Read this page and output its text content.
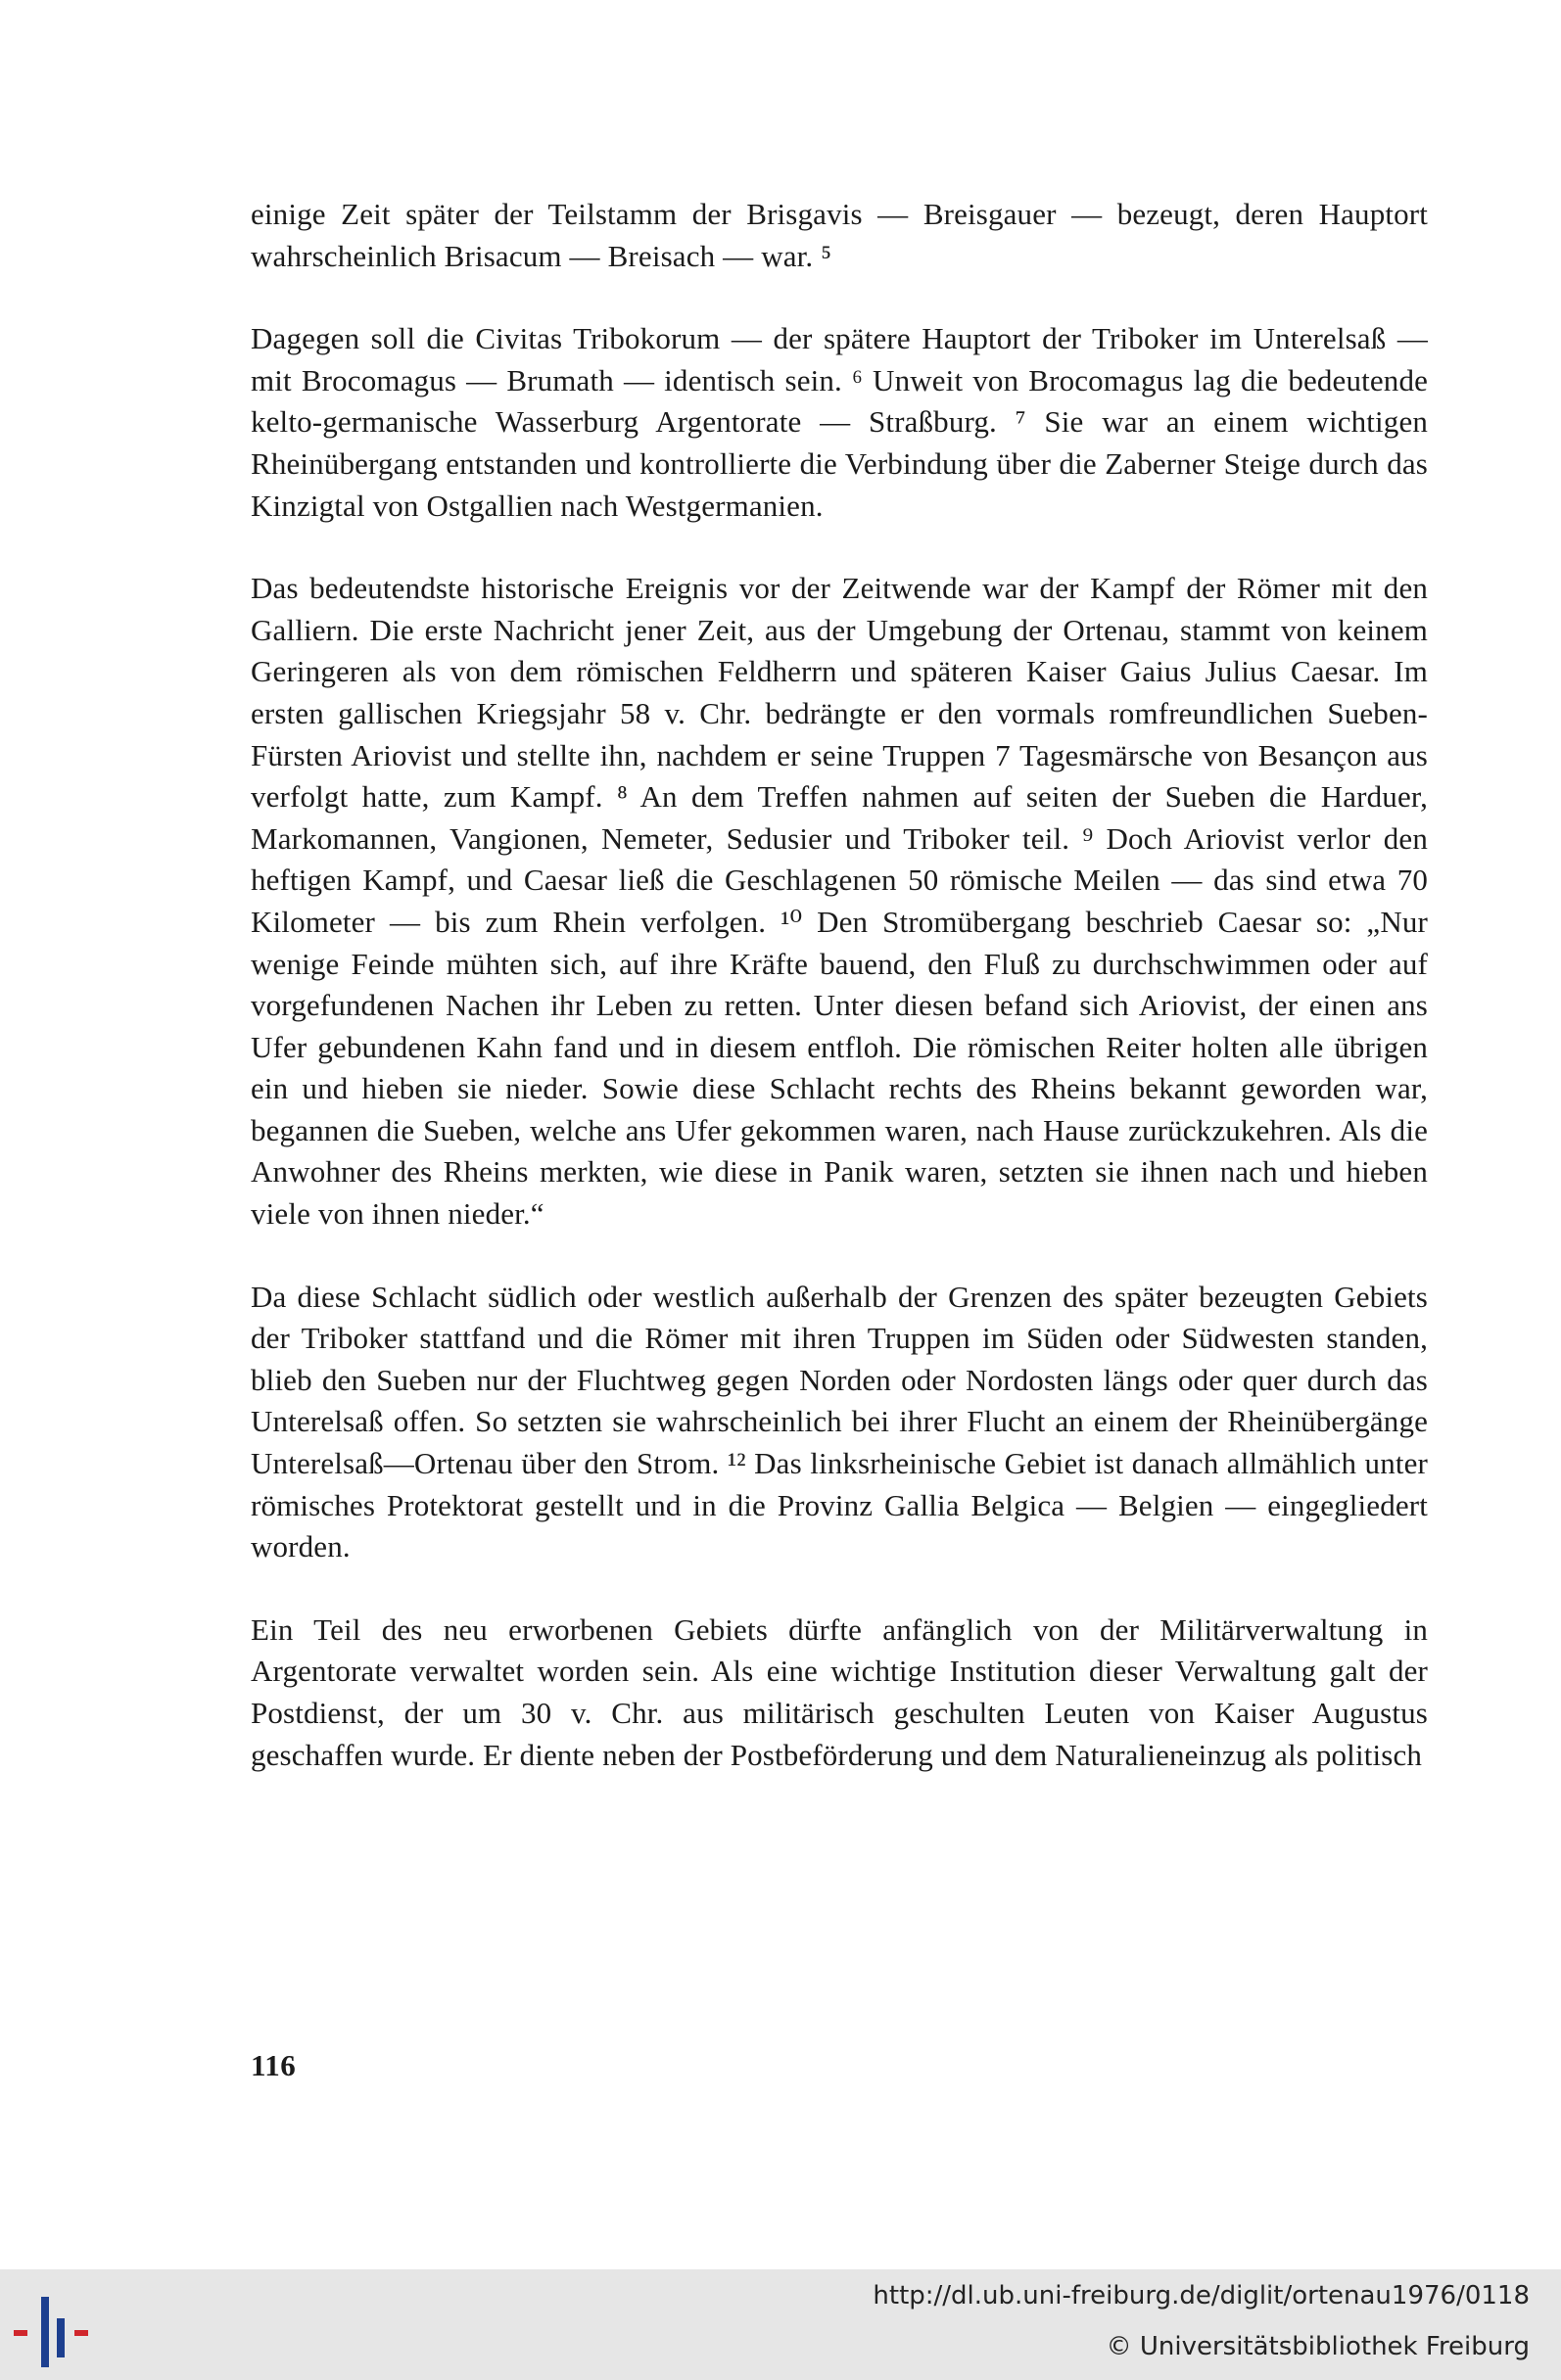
einige Zeit später der Teilstamm der Brisgavis — Breisgauer — bezeugt, deren Hauptort wahrscheinlich Brisacum — Breisach — war. ⁵

Dagegen soll die Civitas Tribokorum — der spätere Hauptort der Triboker im Unterelsaß — mit Brocomagus — Brumath — identisch sein. ⁶ Unweit von Brocomagus lag die bedeutende kelto-germanische Wasserburg Argentorate — Straßburg. ⁷ Sie war an einem wichtigen Rheinübergang entstanden und kontrollierte die Verbindung über die Zaberner Steige durch das Kinzigtal von Ostgallien nach Westgermanien.

Das bedeutendste historische Ereignis vor der Zeitwende war der Kampf der Römer mit den Galliern. Die erste Nachricht jener Zeit, aus der Umgebung der Ortenau, stammt von keinem Geringeren als von dem römischen Feldherrn und späteren Kaiser Gaius Julius Caesar. Im ersten gallischen Kriegsjahr 58 v. Chr. bedrängte er den vormals romfreundlichen Sueben-Fürsten Ariovist und stellte ihn, nachdem er seine Truppen 7 Tagesmärsche von Besançon aus verfolgt hatte, zum Kampf. ⁸ An dem Treffen nahmen auf seiten der Sueben die Harduer, Markomannen, Vangionen, Nemeter, Sedusier und Triboker teil. ⁹ Doch Ariovist verlor den heftigen Kampf, und Caesar ließ die Geschlagenen 50 römische Meilen — das sind etwa 70 Kilometer — bis zum Rhein verfolgen. ¹⁰ Den Stromübergang beschrieb Caesar so: „Nur wenige Feinde mühten sich, auf ihre Kräfte bauend, den Fluß zu durchschwimmen oder auf vorgefundenen Nachen ihr Leben zu retten. Unter diesen befand sich Ariovist, der einen ans Ufer gebundenen Kahn fand und in diesem entfloh. Die römischen Reiter holten alle übrigen ein und hieben sie nieder. Sowie diese Schlacht rechts des Rheins bekannt geworden war, begannen die Sueben, welche ans Ufer gekommen waren, nach Hause zurückzukehren. Als die Anwohner des Rheins merkten, wie diese in Panik waren, setzten sie ihnen nach und hieben viele von ihnen nieder.“

Da diese Schlacht südlich oder westlich außerhalb der Grenzen des später bezeugten Gebiets der Triboker stattfand und die Römer mit ihren Truppen im Süden oder Südwesten standen, blieb den Sueben nur der Fluchtweg gegen Norden oder Nordosten längs oder quer durch das Unterelsaß offen. So setzten sie wahrscheinlich bei ihrer Flucht an einem der Rheinübergänge Unterelsaß—Ortenau über den Strom. ¹² Das linksrheinische Gebiet ist danach allmählich unter römisches Protektorat gestellt und in die Provinz Gallia Belgica — Belgien — eingegliedert worden.

Ein Teil des neu erworbenen Gebiets dürfte anfänglich von der Militärverwaltung in Argentorate verwaltet worden sein. Als eine wichtige Institution dieser Verwaltung galt der Postdienst, der um 30 v. Chr. aus militärisch geschulten Leuten von Kaiser Augustus geschaffen wurde. Er diente neben der Postbeförderung und dem Naturalieneinzug als politisch

116
http://dl.ub.uni-freiburg.de/diglit/ortenau1976/0118
© Universitätsbibliothek Freiburg
